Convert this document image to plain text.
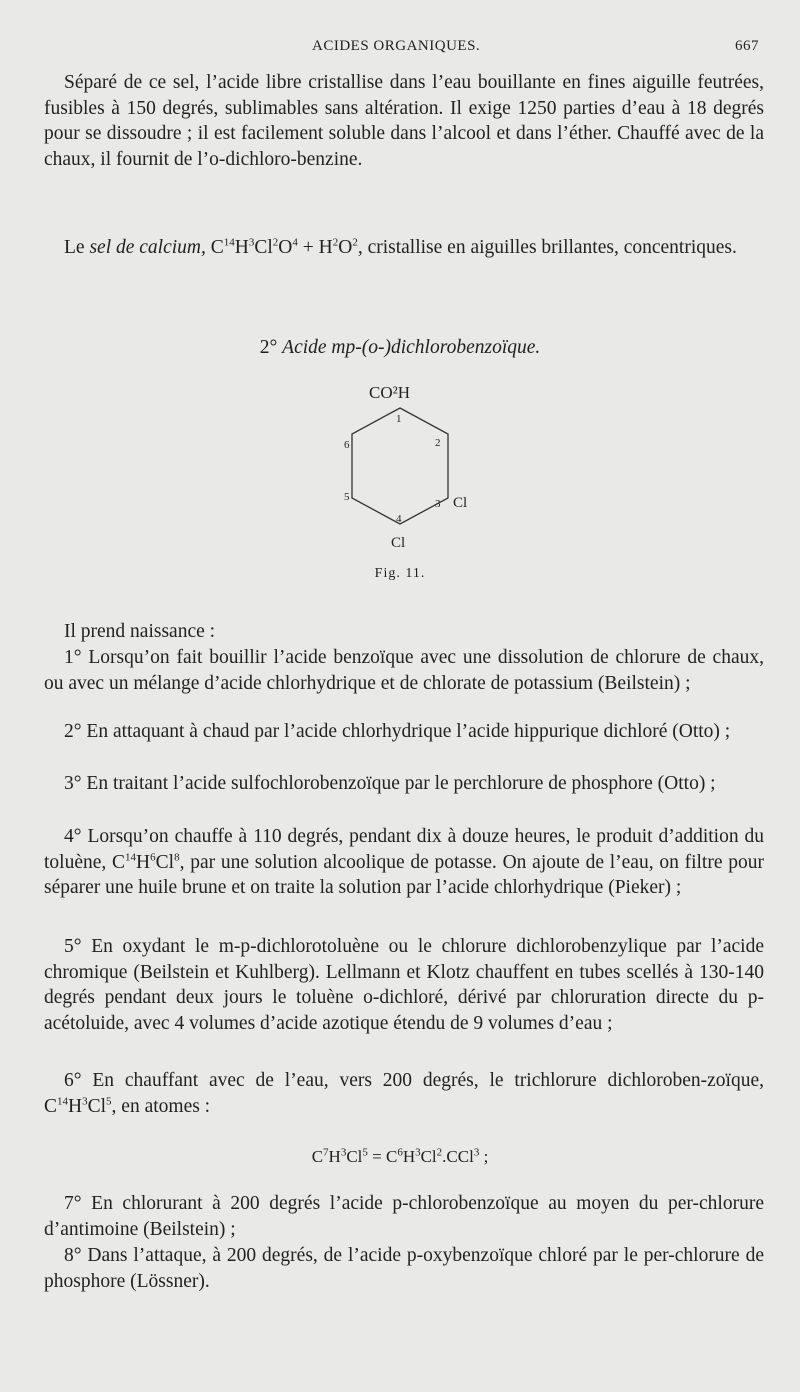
ACIDES ORGANIQUES.	667
Séparé de ce sel, l’acide libre cristallise dans l’eau bouillante en fines aiguille feutrées, fusibles à 150 degrés, sublimables sans altération. Il exige 1250 parties d’eau à 18 degrés pour se dissoudre ; il est facilement soluble dans l’alcool et dans l’éther. Chauffé avec de la chaux, il fournit de l’o-dichloro-benzine.
Le sel de calcium, $C^{14}H^3Cl^2O^4 + H^2O^2$, cristallise en aiguilles brillantes, concentriques.
2° Acide mp-(o-)dichlorobenzoïque.
CO²H
1
2
3
4
5
6
Cl
Cl
Fig. 11.
Il prend naissance :
1° Lorsqu’on fait bouillir l’acide benzoïque avec une dissolution de chlorure de chaux, ou avec un mélange d’acide chlorhydrique et de chlorate de potassium (Beilstein) ;
2° En attaquant à chaud par l’acide chlorhydrique l’acide hippurique dichloré (Otto) ;
3° En traitant l’acide sulfochlorobenzoïque par le perchlorure de phosphore (Otto) ;
4° Lorsqu’on chauffe à 110 degrés, pendant dix à douze heures, le produit d’addition du toluène, $C^{14}H^6Cl^8$, par une solution alcoolique de potasse. On ajoute de l’eau, on filtre pour séparer une huile brune et on traite la solution par l’acide chlorhydrique (Pieker) ;
5° En oxydant le m-p-dichlorotoluène ou le chlorure dichlorobenzylique par l’acide chromique (Beilstein et Kuhlberg). Lellmann et Klotz chauffent en tubes scellés à 130-140 degrés pendant deux jours le toluène o-dichloré, dérivé par chloruration directe du p-acétoluide, avec 4 volumes d’acide azotique étendu de 9 volumes d’eau ;
6° En chauffant avec de l’eau, vers 200 degrés, le trichlorure dichloroben-zoïque, $C^{14}H^3Cl^5$, en atomes :
$C^7H^3Cl^5 = C^6H^3Cl^2.CCl^3$ ;
7° En chlorurant à 200 degrés l’acide p-chlorobenzoïque au moyen du per-chlorure d’antimoine (Beilstein) ;
8° Dans l’attaque, à 200 degrés, de l’acide p-oxybenzoïque chloré par le per-chlorure de phosphore (Lössner).
